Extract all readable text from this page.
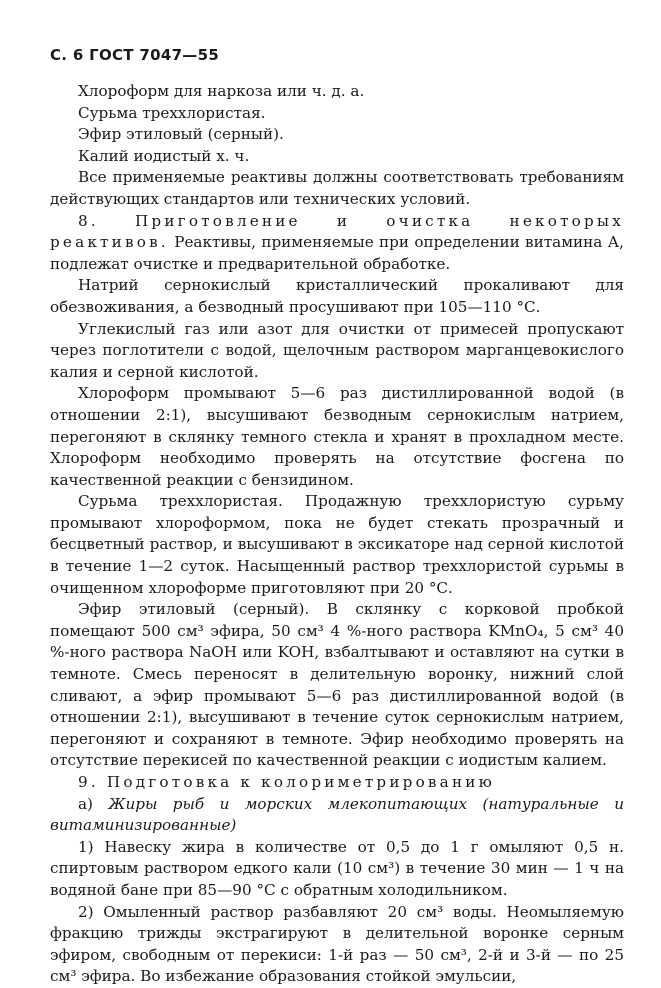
С. 6 ГОСТ 7047—55
Хлороформ для наркоза или ч. д. а.
Сурьма треххлористая.
Эфир этиловый (серный).
Калий иодистый х. ч.

Все применяемые реактивы должны соответствовать требованиям действующих стандартов или технических условий.

8. Приготовление и очистка некоторых реактивов. Реактивы, применяемые при определении витамина А, подлежат очистке и предварительной обработке.

Натрий сернокислый кристаллический прокаливают для обезвоживания, а безводный просушивают при 105—110 °С.

Углекислый газ или азот для очистки от примесей пропускают через поглотители с водой, щелочным раствором марганцевокислого калия и серной кислотой.

Хлороформ промывают 5—6 раз дистиллированной водой (в отношении 2:1), высушивают безводным сернокислым натрием, перегоняют в склянку темного стекла и хранят в прохладном месте. Хлороформ необходимо проверять на отсутствие фосгена по качественной реакции с бензидином.

Сурьма треххлористая. Продажную треххлористую сурьму промывают хлороформом, пока не будет стекать прозрачный и бесцветный раствор, и высушивают в эксикаторе над серной кислотой в течение 1—2 суток. Насыщенный раствор треххлористой сурьмы в очищенном хлороформе приготовляют при 20 °С.

Эфир этиловый (серный). В склянку с корковой пробкой помещают 500 см³ эфира, 50 см³ 4 %-ного раствора KMnO₄, 5 см³ 40 %-ного раствора NaOH или KOH, взбалтывают и оставляют на сутки в темноте. Смесь переносят в делительную воронку, нижний слой сливают, а эфир промывают 5—6 раз дистиллированной водой (в отношении 2:1), высушивают в течение суток сернокислым натрием, перегоняют и сохраняют в темноте. Эфир необходимо проверять на отсутствие перекисей по качественной реакции с иодистым калием.

9. Подготовка к колориметрированию

а) Жиры рыб и морских млекопитающих (натуральные и витаминизированные)

1) Навеску жира в количестве от 0,5 до 1 г омыляют 0,5 н. спиртовым раствором едкого кали (10 см³) в течение 30 мин — 1 ч на водяной бане при 85—90 °С с обратным холодильником.

2) Омыленный раствор разбавляют 20 см³ воды. Неомыляемую фракцию трижды экстрагируют в делительной воронке серным эфиром, свободным от перекиси: 1-й раз — 50 см³, 2-й и 3-й — по 25 см³ эфира. Во избежание образования стойкой эмульсии,
